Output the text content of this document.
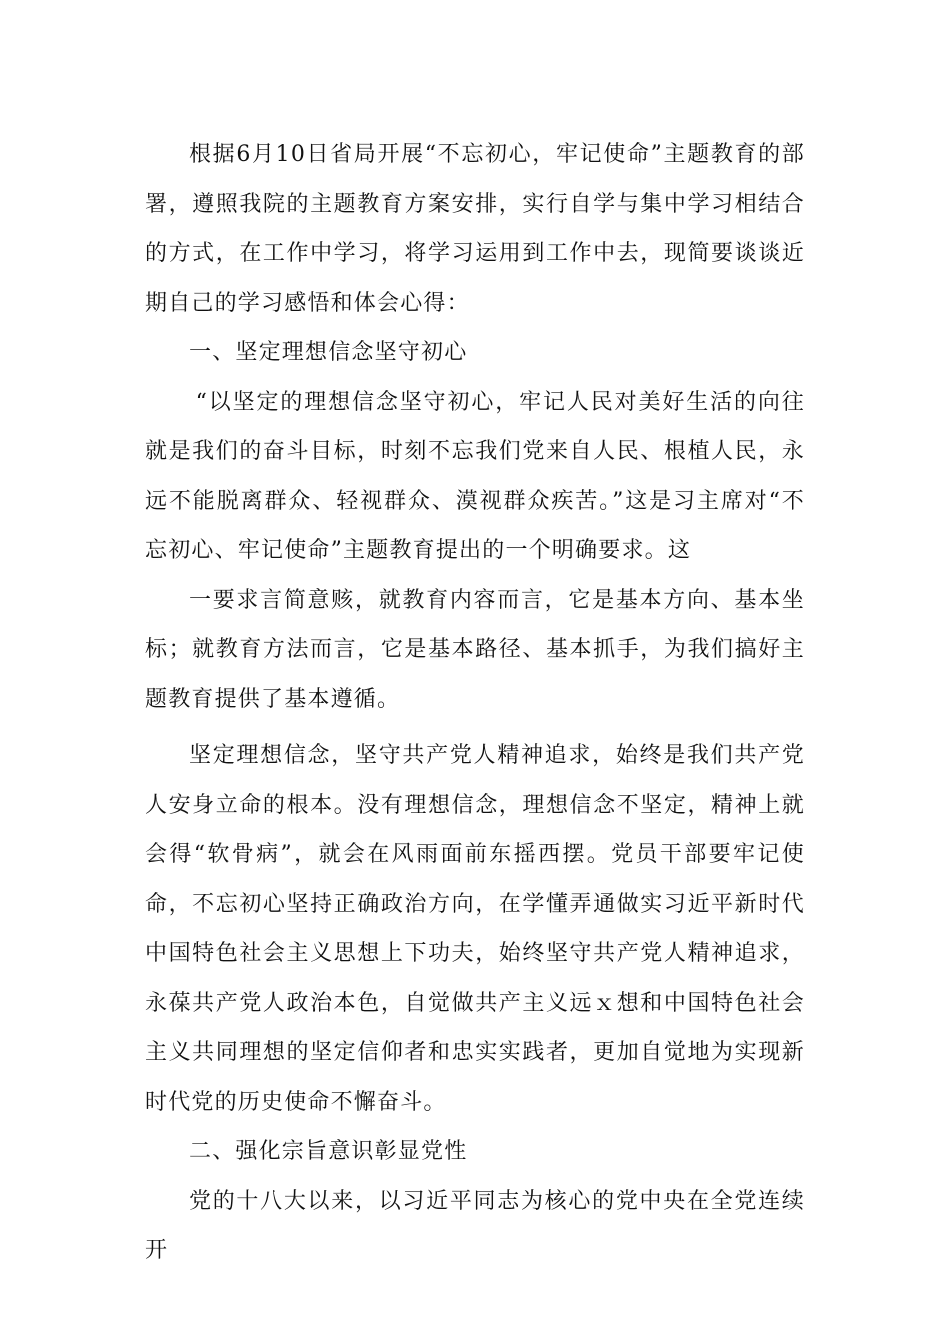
根据6月10日省局开展“不忘初心，牢记使命”主题教育的部署，遵照我院的主题教育方案安排，实行自学与集中学习相结合的方式，在工作中学习，将学习运用到工作中去，现简要谈谈近期自己的学习感悟和体会心得：

一、坚定理想信念坚守初心

“以坚定的理想信念坚守初心，牢记人民对美好生活的向往就是我们的奋斗目标，时刻不忘我们党来自人民、根植人民，永远不能脱离群众、轻视群众、漠视群众疾苦。”这是习主席对“不忘初心、牢记使命”主题教育提出的一个明确要求。这

一要求言简意赅，就教育内容而言，它是基本方向、基本坐标；就教育方法而言，它是基本路径、基本抓手，为我们搞好主题教育提供了基本遵循。

坚定理想信念，坚守共产党人精神追求，始终是我们共产党人安身立命的根本。没有理想信念，理想信念不坚定，精神上就会得“软骨病”，就会在风雨面前东摇西摆。党员干部要牢记使命，不忘初心坚持正确政治方向，在学懂弄通做实习近平新时代中国特色社会主义思想上下功夫，始终坚守共产党人精神追求，永葆共产党人政治本色，自觉做共产主义远ｘ想和中国特色社会主义共同理想的坚定信仰者和忠实实践者，更加自觉地为实现新时代党的历史使命不懈奋斗。

二、强化宗旨意识彰显党性

党的十八大以来，以习近平同志为核心的党中央在全党连续开
